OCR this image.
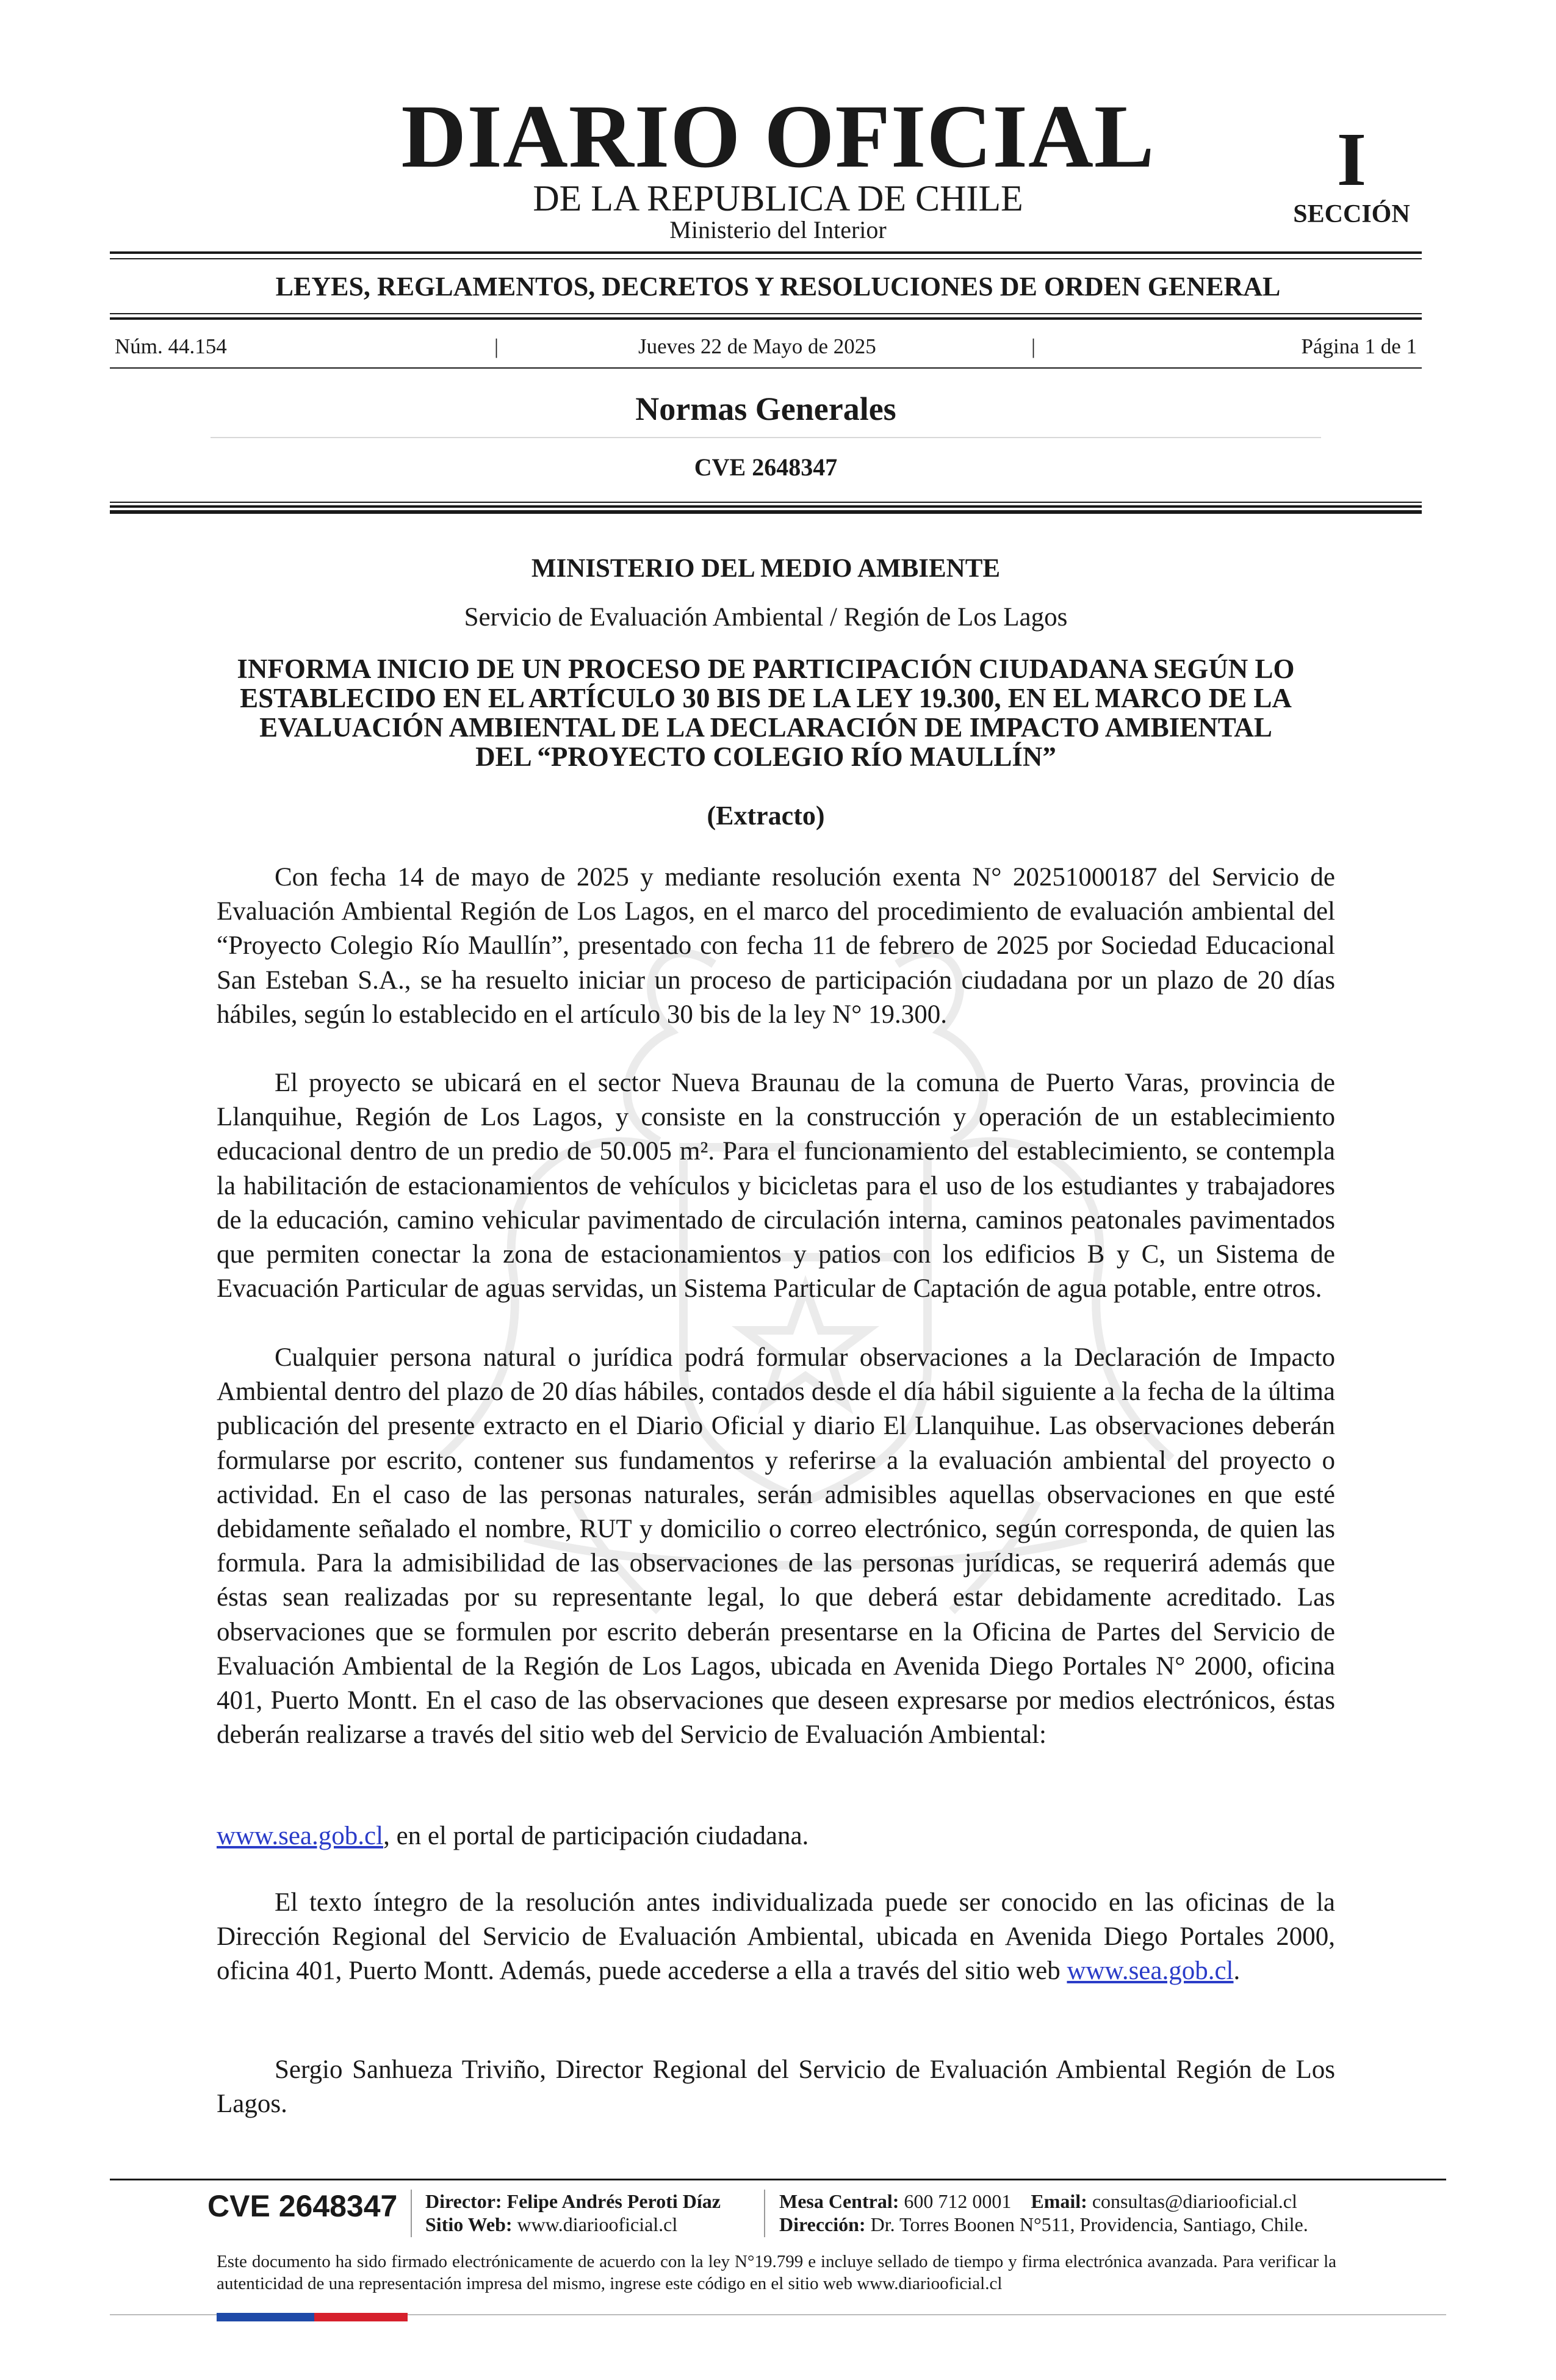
DIARIO OFICIAL
DE LA REPUBLICA DE CHILE
Ministerio del Interior
I
SECCIÓN
LEYES, REGLAMENTOS, DECRETOS Y RESOLUCIONES DE ORDEN GENERAL
Núm. 44.154	|	Jueves 22 de Mayo de 2025	|	Página 1 de 1
Normas Generales
CVE 2648347
MINISTERIO DEL MEDIO AMBIENTE
Servicio de Evaluación Ambiental / Región de Los Lagos
INFORMA INICIO DE UN PROCESO DE PARTICIPACIÓN CIUDADANA SEGÚN LO
ESTABLECIDO EN EL ARTÍCULO 30 BIS DE LA LEY 19.300, EN EL MARCO DE LA
EVALUACIÓN AMBIENTAL DE LA DECLARACIÓN DE IMPACTO AMBIENTAL
DEL “PROYECTO COLEGIO RÍO MAULLÍN”
(Extracto)
Con fecha 14 de mayo de 2025 y mediante resolución exenta N° 20251000187 del Servicio de Evaluación Ambiental Región de Los Lagos, en el marco del procedimiento de evaluación ambiental del “Proyecto Colegio Río Maullín”, presentado con fecha 11 de febrero de 2025 por Sociedad Educacional San Esteban S.A., se ha resuelto iniciar un proceso de participación ciudadana por un plazo de 20 días hábiles, según lo establecido en el artículo 30 bis de la ley N° 19.300.
El proyecto se ubicará en el sector Nueva Braunau de la comuna de Puerto Varas, provincia de Llanquihue, Región de Los Lagos, y consiste en la construcción y operación de un establecimiento educacional dentro de un predio de 50.005 m². Para el funcionamiento del establecimiento, se contempla la habilitación de estacionamientos de vehículos y bicicletas para el uso de los estudiantes y trabajadores de la educación, camino vehicular pavimentado de circulación interna, caminos peatonales pavimentados que permiten conectar la zona de estacionamientos y patios con los edificios B y C, un Sistema de Evacuación Particular de aguas servidas, un Sistema Particular de Captación de agua potable, entre otros.
Cualquier persona natural o jurídica podrá formular observaciones a la Declaración de Impacto Ambiental dentro del plazo de 20 días hábiles, contados desde el día hábil siguiente a la fecha de la última publicación del presente extracto en el Diario Oficial y diario El Llanquihue. Las observaciones deberán formularse por escrito, contener sus fundamentos y referirse a la evaluación ambiental del proyecto o actividad. En el caso de las personas naturales, serán admisibles aquellas observaciones en que esté debidamente señalado el nombre, RUT y domicilio o correo electrónico, según corresponda, de quien las formula. Para la admisibilidad de las observaciones de las personas jurídicas, se requerirá además que éstas sean realizadas por su representante legal, lo que deberá estar debidamente acreditado. Las observaciones que se formulen por escrito deberán presentarse en la Oficina de Partes del Servicio de Evaluación Ambiental de la Región de Los Lagos, ubicada en Avenida Diego Portales N° 2000, oficina 401, Puerto Montt. En el caso de las observaciones que deseen expresarse por medios electrónicos, éstas deberán realizarse a través del sitio web del Servicio de Evaluación Ambiental:
www.sea.gob.cl, en el portal de participación ciudadana.
El texto íntegro de la resolución antes individualizada puede ser conocido en las oficinas de la Dirección Regional del Servicio de Evaluación Ambiental, ubicada en Avenida Diego Portales 2000, oficina 401, Puerto Montt. Además, puede accederse a ella a través del sitio web www.sea.gob.cl.
Sergio Sanhueza Triviño, Director Regional del Servicio de Evaluación Ambiental Región de Los Lagos.
CVE 2648347 Director: Felipe Andrés Peroti Díaz
Sitio Web: www.diariooficial.cl
Mesa Central: 600 712 0001 Email: consultas@diariooficial.cl
Dirección: Dr. Torres Boonen N°511, Providencia, Santiago, Chile.
Este documento ha sido firmado electrónicamente de acuerdo con la ley N°19.799 e incluye sellado de tiempo y firma electrónica avanzada. Para verificar la autenticidad de una representación impresa del mismo, ingrese este código en el sitio web www.diariooficial.cl
